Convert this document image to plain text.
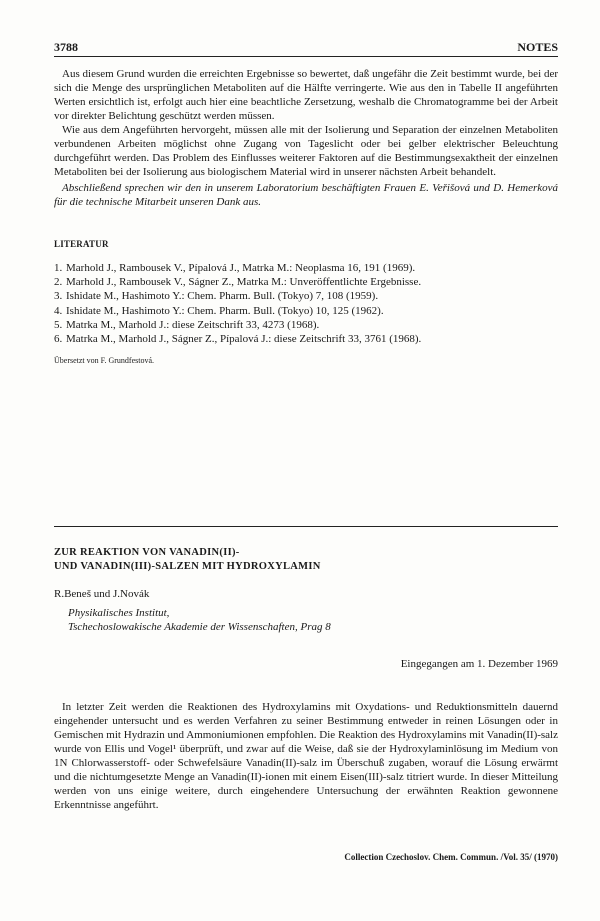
3788	NOTES

Aus diesem Grund wurden die erreichten Ergebnisse so bewertet, daß ungefähr die Zeit bestimmt wurde, bei der sich die Menge des ursprünglichen Metaboliten auf die Hälfte verringerte. Wie aus den in Tabelle II angeführten Werten ersichtlich ist, erfolgt auch hier eine beachtliche Zersetzung, weshalb die Chromatogramme bei der Arbeit vor direkter Belichtung geschützt werden müssen.

Wie aus dem Angeführten hervorgeht, müssen alle mit der Isolierung und Separation der einzelnen Metaboliten verbundenen Arbeiten möglichst ohne Zugang von Tageslicht oder bei gelber elektrischer Beleuchtung durchgeführt werden. Das Problem des Einflusses weiterer Faktoren auf die Bestimmungsexaktheit der einzelnen Metaboliten bei der Isolierung aus biologischem Material wird in unserer nächsten Arbeit behandelt.

Abschließend sprechen wir den in unserem Laboratorium beschäftigten Frauen E. Veřišová und D. Hemerková für die technische Mitarbeit unseren Dank aus.

LITERATUR
1. Marhold J., Rambousek V., Pípalová J., Matrka M.: Neoplasma 16, 191 (1969).
2. Marhold J., Rambousek V., Ságner Z., Matrka M.: Unveröffentlichte Ergebnisse.
3. Ishidate M., Hashimoto Y.: Chem. Pharm. Bull. (Tokyo) 7, 108 (1959).
4. Ishidate M., Hashimoto Y.: Chem. Pharm. Bull. (Tokyo) 10, 125 (1962).
5. Matrka M., Marhold J.: diese Zeitschrift 33, 4273 (1968).
6. Matrka M., Marhold J., Ságner Z., Pípalová J.: diese Zeitschrift 33, 3761 (1968).
Übersetzt von F. Grundfestová.
ZUR REAKTION VON VANADIN(II)-
UND VANADIN(III)-SALZEN MIT HYDROXYLAMIN
R.Beneš und J.Novák
Physikalisches Institut,
Tschechoslowakische Akademie der Wissenschaften, Prag 8
Eingegangen am 1. Dezember 1969

In letzter Zeit werden die Reaktionen des Hydroxylamins mit Oxydations- und Reduktionsmitteln dauernd eingehender untersucht und es werden Verfahren zu seiner Bestimmung entweder in reinen Lösungen oder in Gemischen mit Hydrazin und Ammoniumionen empfohlen. Die Reaktion des Hydroxylamins mit Vanadin(II)-salz wurde von Ellis und Vogel¹ überprüft, und zwar auf die Weise, daß sie der Hydroxylaminlösung im Medium von 1N Chlorwasserstoff- oder Schwefelsäure Vanadin(II)-salz im Überschuß zugaben, worauf die Lösung erwärmt und die nichtumgesetzte Menge an Vanadin(II)-ionen mit einem Eisen(III)-salz titriert wurde. In dieser Mitteilung werden von uns einige weitere, durch eingehendere Untersuchung der erwähnten Reaktion gewonnene Erkenntnisse angeführt.

Collection Czechoslov. Chem. Commun. /Vol. 35/ (1970)
